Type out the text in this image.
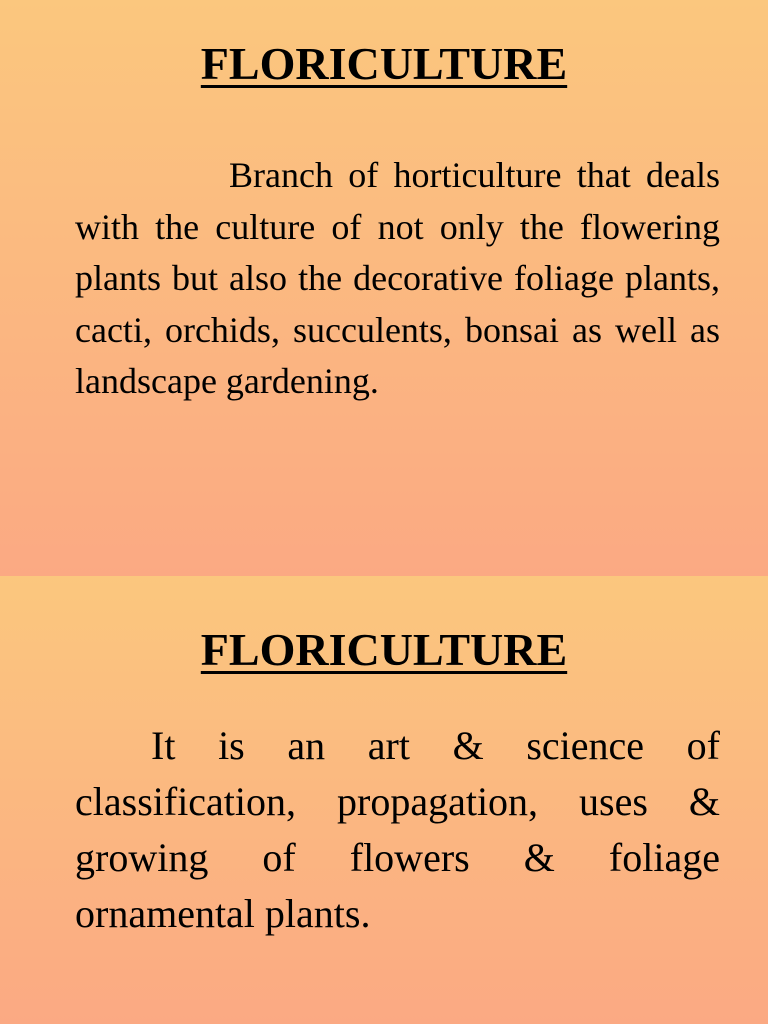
FLORICULTURE

Branch of horticulture that deals with the culture of not only the flowering plants but also the decorative foliage plants, cacti, orchids, succulents, bonsai as well as landscape gardening.

FLORICULTURE

It is an art & science of classification, propagation, uses & growing of flowers & foliage ornamental plants.
